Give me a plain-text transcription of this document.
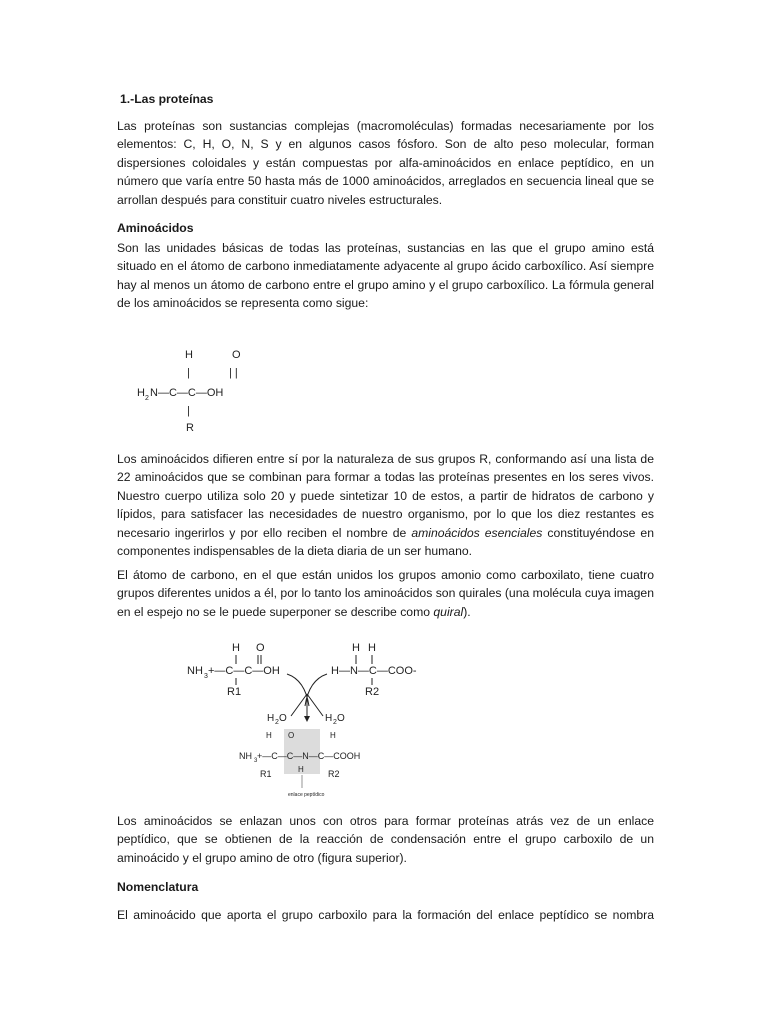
1.-Las proteínas

Las proteínas son sustancias complejas (macromoléculas) formadas necesariamente por los elementos: C, H, O, N, S y en algunos casos fósforo. Son de alto peso molecular, forman dispersiones coloidales y están compuestas por alfa-aminoácidos en enlace peptídico, en un número que varía entre 50 hasta más de 1000 aminoácidos, arreglados en secuencia lineal que se arrollan después para constituir cuatro niveles estructurales.

Aminoácidos

Son las unidades básicas de todas las proteínas, sustancias en las que el grupo amino está situado en el átomo de carbono inmediatamente adyacente al grupo ácido carboxílico. Así siempre hay al menos un átomo de carbono entre el grupo amino y el grupo carboxílico. La fórmula general de los aminoácidos se representa como sigue:

H	O
|	| |
H 2 N—C—C—OH
|
R

Los aminoácidos difieren entre sí por la naturaleza de sus grupos R, conformando así una lista de 22 aminoácidos que se combinan para formar a todas las proteínas presentes en los seres vivos. Nuestro cuerpo utiliza solo 20 y puede sintetizar 10 de estos, a partir de hidratos de carbono y lípidos, para satisfacer las necesidades de nuestro organismo, por lo que los diez restantes es necesario ingerirlos y por ello reciben el nombre de aminoácidos esenciales constituyéndose en componentes indispensables de la dieta diaria de un ser humano.

El átomo de carbono, en el que están unidos los grupos amonio como carboxilato, tiene cuatro grupos diferentes unidos a él, por lo tanto los aminoácidos son quirales (una molécula cuya imagen en el espejo no se le puede superponer se describe como quiral).

H O
NH 3 +—C—C—OH
R1
H H
H—N—C—COO-
R2
H 2 O	H 2 O
H O	H
NH 3 +—C—C—N—C—COOH
H
R1	R2
enlace peptídico

Los aminoácidos se enlazan unos con otros para formar proteínas atrás vez de un enlace peptídico, que se obtienen de la reacción de condensación entre el grupo carboxilo de un aminoácido y el grupo amino de otro (figura superior).

Nomenclatura

El aminoácido que aporta el grupo carboxilo para la formación del enlace peptídico se nombra
